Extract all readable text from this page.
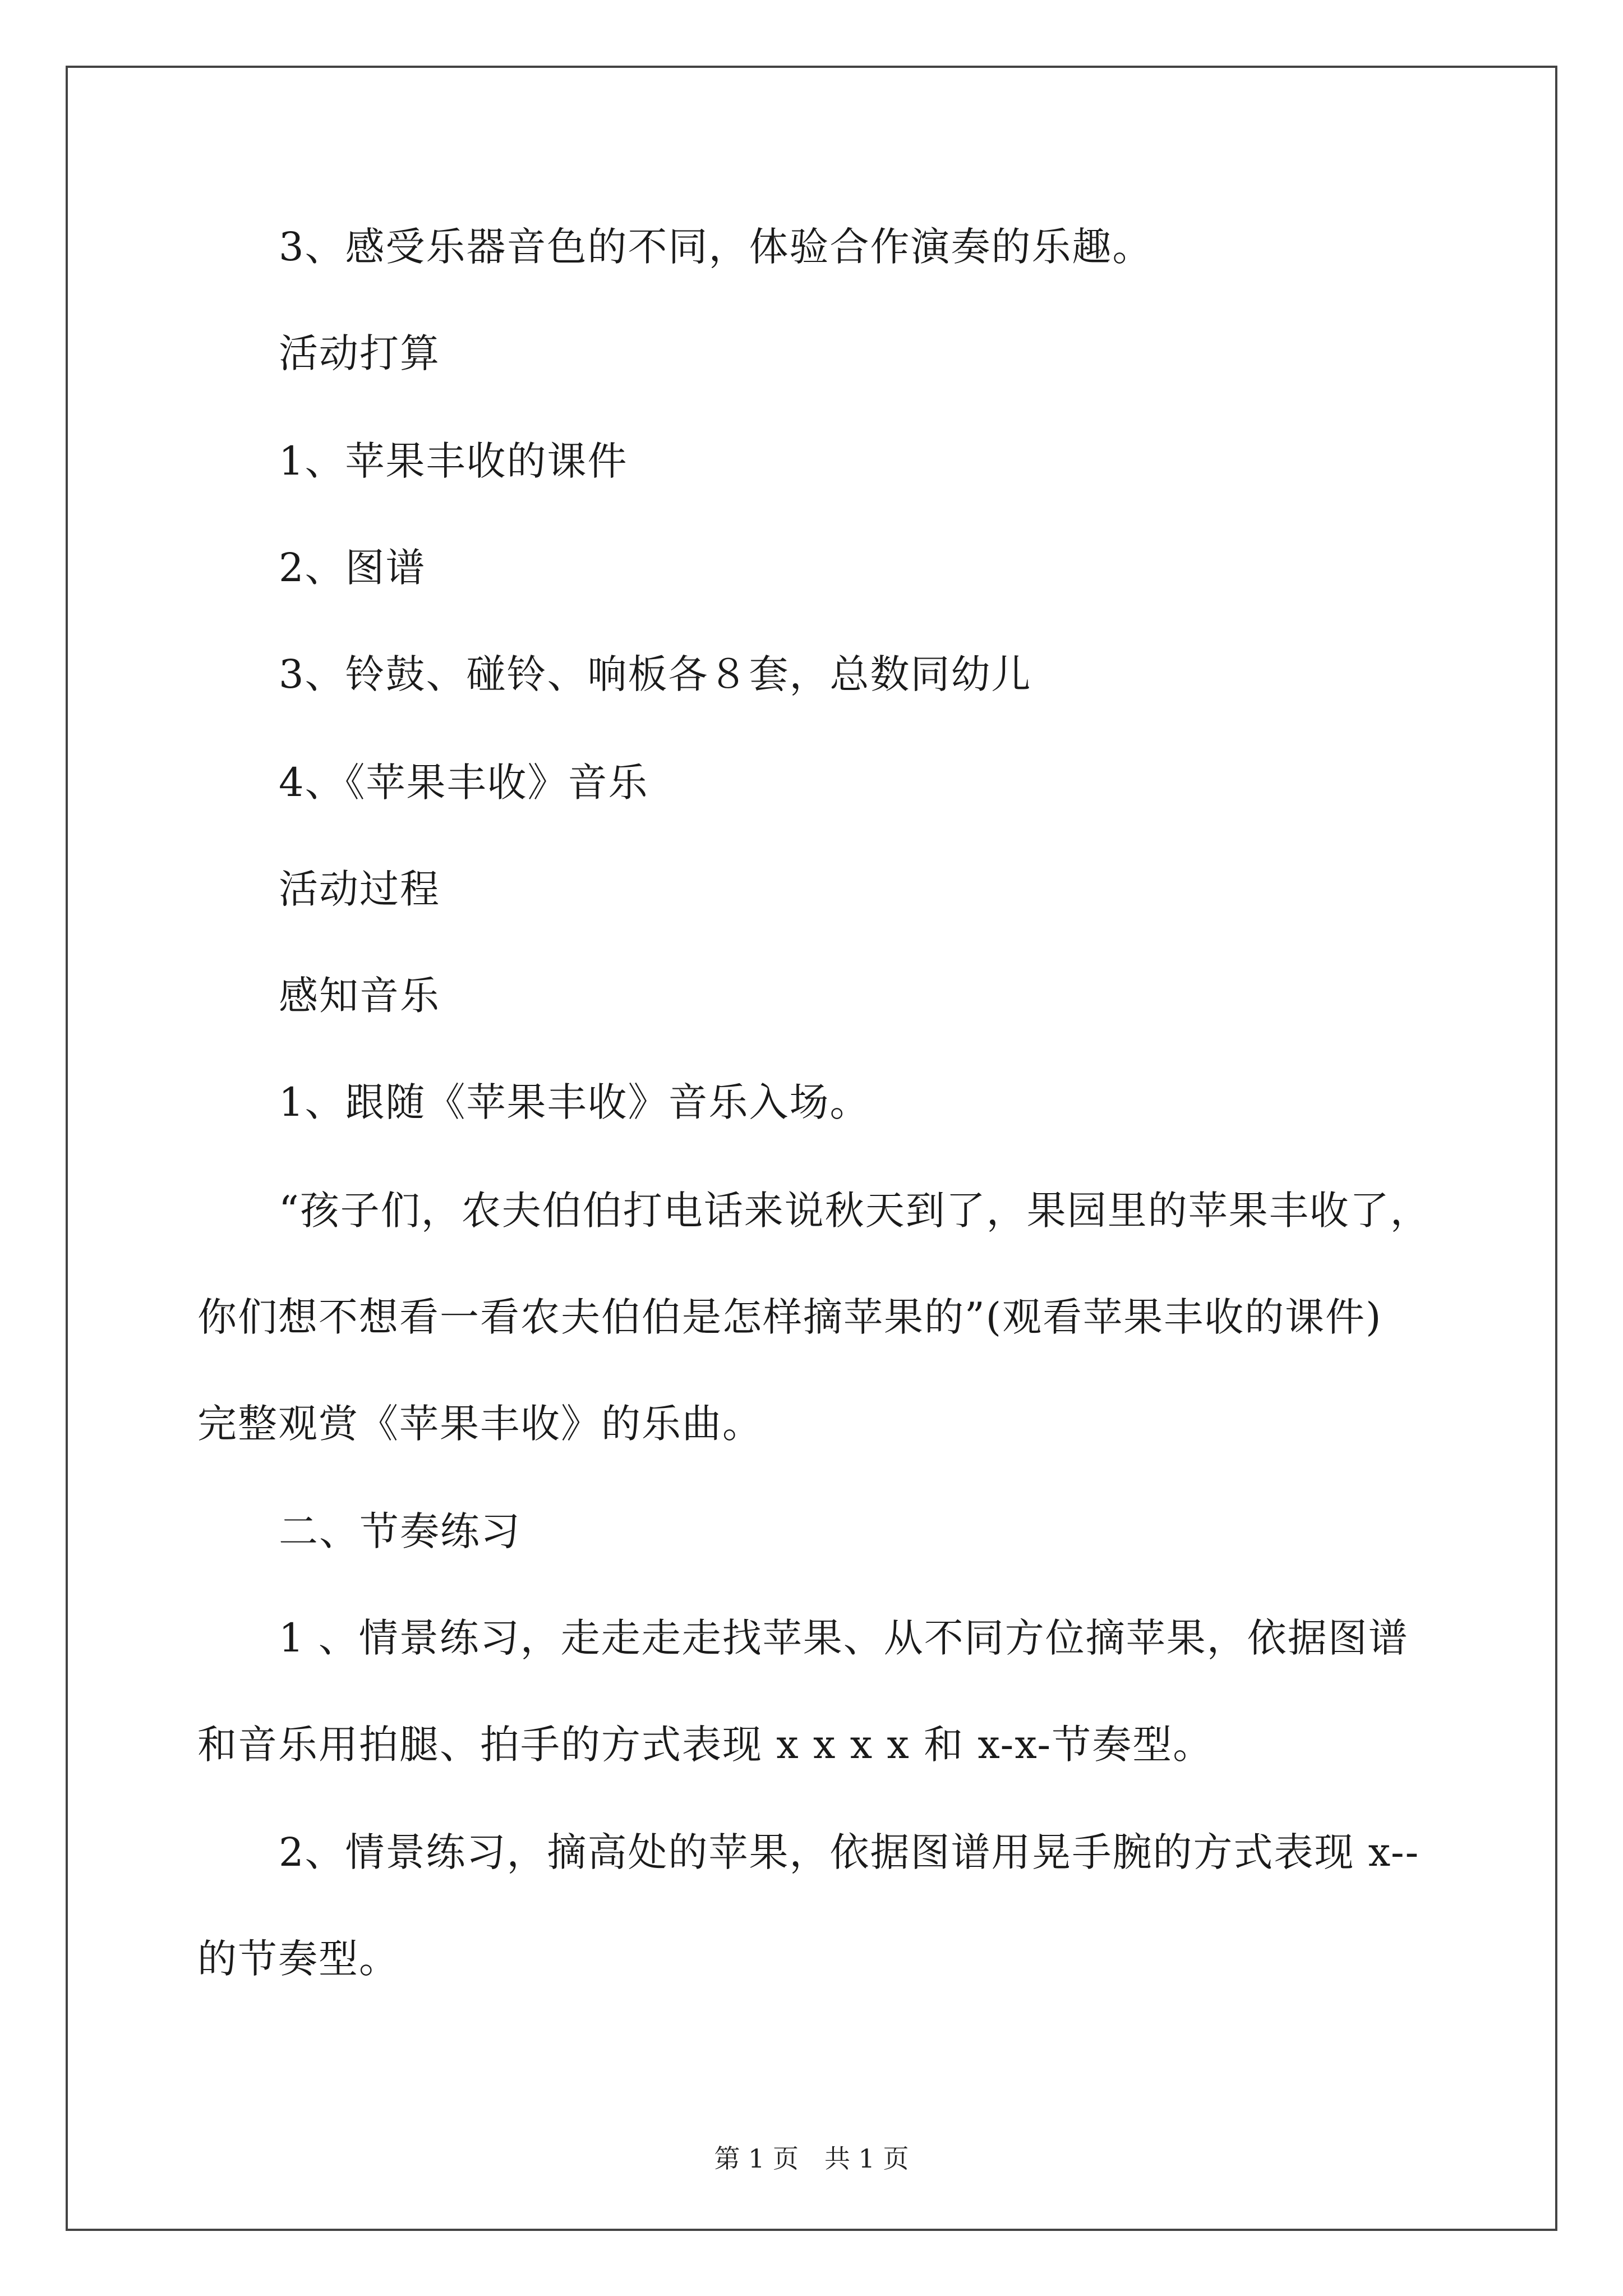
3、感受乐器音色的不同，体验合作演奏的乐趣。
活动打算
1、苹果丰收的课件
2、图谱
3、铃鼓、碰铃、响板各８套，总数同幼儿
4、《苹果丰收》音乐
活动过程
感知音乐
1、跟随《苹果丰收》音乐入场。
“孩子们，农夫伯伯打电话来说秋天到了，果园里的苹果丰收了，
你们想不想看一看农夫伯伯是怎样摘苹果的”(观看苹果丰收的课件)
完整观赏《苹果丰收》的乐曲。
二、节奏练习
1 、情景练习，走走走走找苹果、从不同方位摘苹果，依据图谱
和音乐用拍腿、拍手的方式表现 x x x x 和 x-x-节奏型。
2、情景练习，摘高处的苹果，依据图谱用晃手腕的方式表现 x--
的节奏型。
第 1 页　共 1 页
